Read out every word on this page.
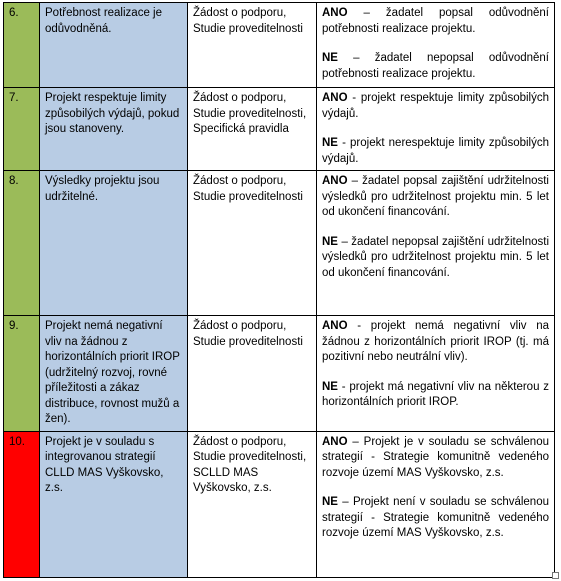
6.	Potřebnost realizace je odůvodněná.	Žádost o podporu, Studie proveditelnosti	ANO – žadatel popsal odůvodnění potřebnosti realizace projektu.
NE – žadatel nepopsal odůvodnění potřebnosti realizace projektu.
7.	Projekt respektuje limity způsobilých výdajů, pokud jsou stanoveny.	Žádost o podporu, Studie proveditelnosti, Specifická pravidla	ANO - projekt respektuje limity způsobilých výdajů.
NE - projekt nerespektuje limity způsobilých výdajů.
8.	Výsledky projektu jsou udržitelné.	Žádost o podporu, Studie proveditelnosti	ANO – žadatel popsal zajištění udržitelnosti výsledků pro udržitelnost projektu min. 5 let od ukončení financování.
NE – žadatel nepopsal zajištění udržitelnosti výsledků pro udržitelnost projektu min. 5 let od ukončení financování.
9.	Projekt nemá negativní vliv na žádnou z horizontálních priorit IROP (udržitelný rozvoj, rovné příležitosti a zákaz distribuce, rovnost mužů a žen).	Žádost o podporu, Studie proveditelnosti	ANO - projekt nemá negativní vliv na žádnou z horizontálních priorit IROP (tj. má pozitivní nebo neutrální vliv).
NE - projekt má negativní vliv na některou z horizontálních priorit IROP.
10.	Projekt je v souladu s integrovanou strategií CLLD MAS Vyškovsko, z.s.	Žádost o podporu, Studie proveditelnosti, SCLLD MAS Vyškovsko, z.s.	ANO – Projekt je v souladu se schválenou strategií - Strategie komunitně vedeného rozvoje území MAS Vyškovsko, z.s.
NE – Projekt není v souladu se schválenou strategií - Strategie komunitně vedeného rozvoje území MAS Vyškovsko, z.s.
